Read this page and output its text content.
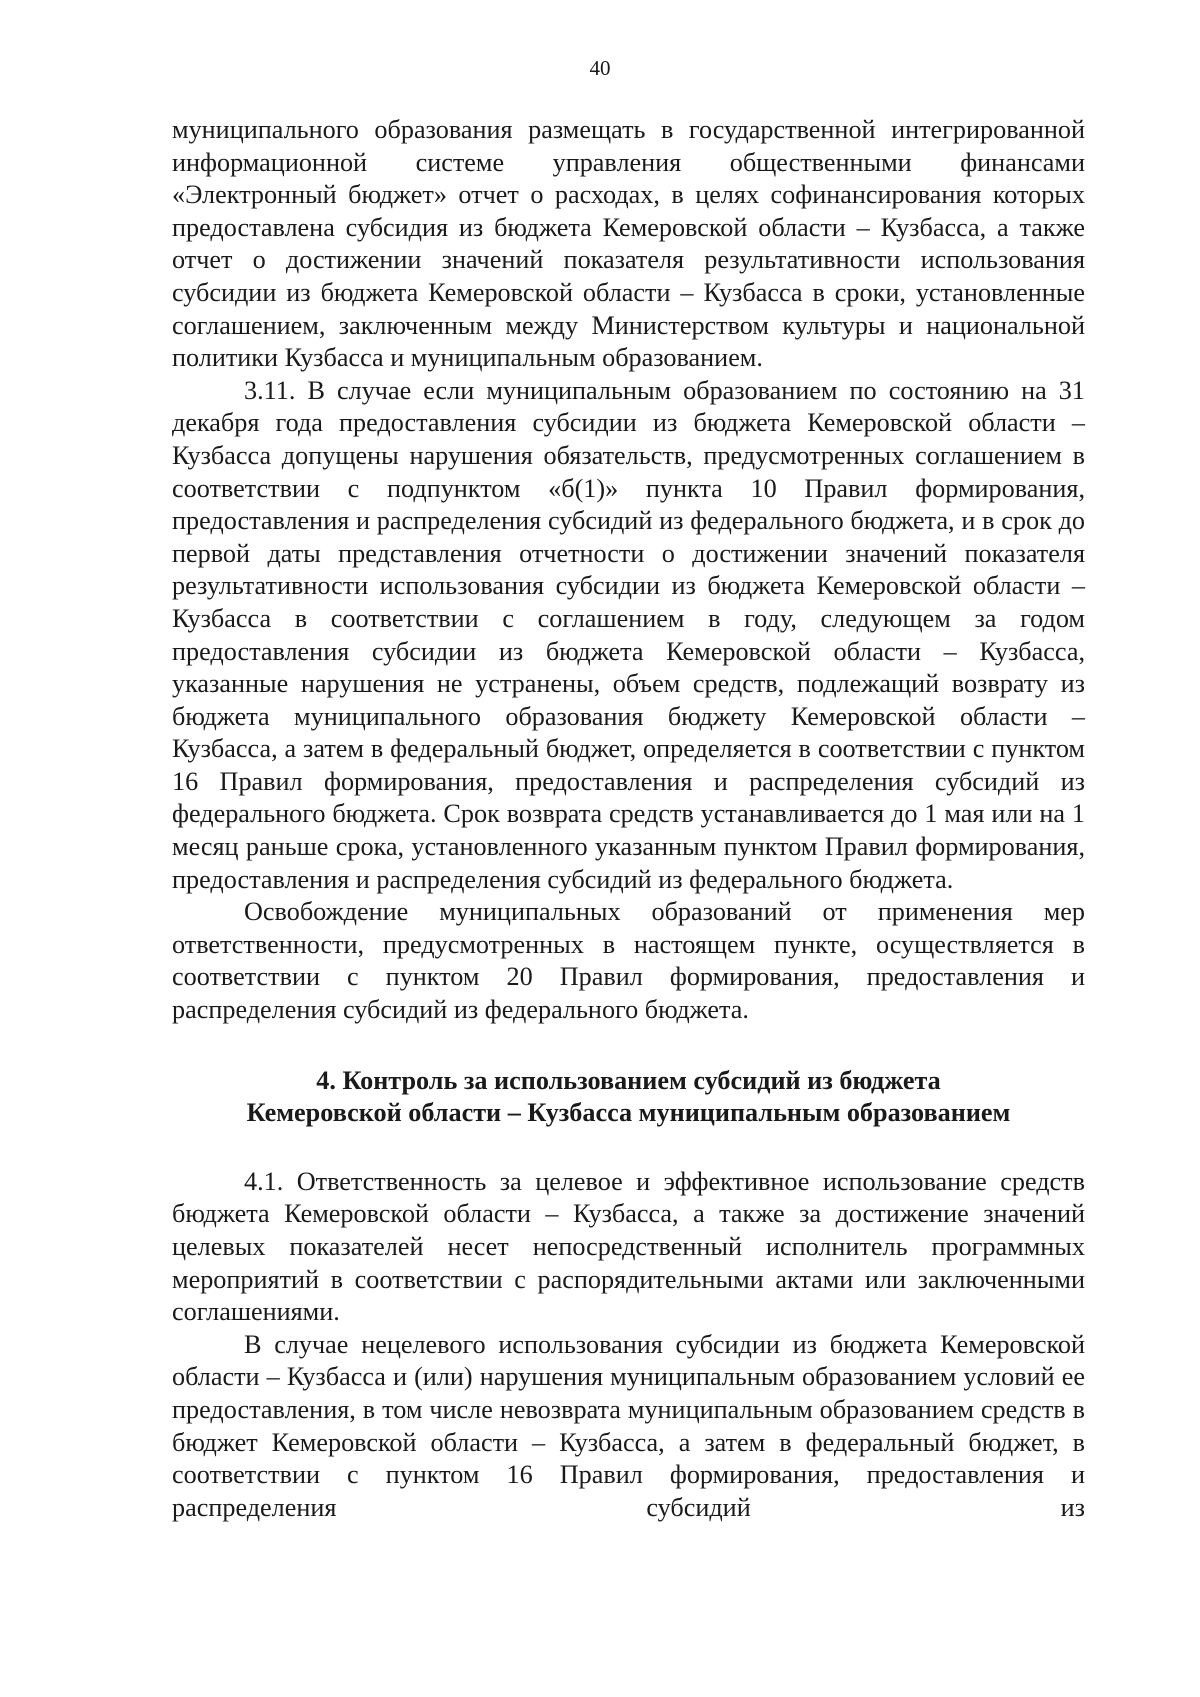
40

муниципального образования размещать в государственной интегрированной информационной системе управления общественными финансами «Электронный бюджет» отчет о расходах, в целях софинансирования которых предоставлена субсидия из бюджета Кемеровской области – Кузбасса, а также отчет о достижении значений показателя результативности использования субсидии из бюджета Кемеровской области – Кузбасса в сроки, установленные соглашением, заключенным между Министерством культуры и национальной политики Кузбасса и муниципальным образованием.

3.11. В случае если муниципальным образованием по состоянию на 31 декабря года предоставления субсидии из бюджета Кемеровской области – Кузбасса допущены нарушения обязательств, предусмотренных соглашением в соответствии с подпунктом «б(1)» пункта 10 Правил формирования, предоставления и распределения субсидий из федерального бюджета, и в срок до первой даты представления отчетности о достижении значений показателя результативности использования субсидии из бюджета Кемеровской области – Кузбасса в соответствии с соглашением в году, следующем за годом предоставления субсидии из бюджета Кемеровской области – Кузбасса, указанные нарушения не устранены, объем средств, подлежащий возврату из бюджета муниципального образования бюджету Кемеровской области – Кузбасса, а затем в федеральный бюджет, определяется в соответствии с пунктом 16 Правил формирования, предоставления и распределения субсидий из федерального бюджета. Срок возврата средств устанавливается до 1 мая или на 1 месяц раньше срока, установленного указанным пунктом Правил формирования, предоставления и распределения субсидий из федерального бюджета.

Освобождение муниципальных образований от применения мер ответственности, предусмотренных в настоящем пункте, осуществляется в соответствии с пунктом 20 Правил формирования, предоставления и распределения субсидий из федерального бюджета.

4. Контроль за использованием субсидий из бюджета
Кемеровской области – Кузбасса муниципальным образованием

4.1. Ответственность за целевое и эффективное использование средств бюджета Кемеровской области – Кузбасса, а также за достижение значений целевых показателей несет непосредственный исполнитель программных мероприятий в соответствии с распорядительными актами или заключенными соглашениями.

В случае нецелевого использования субсидии из бюджета Кемеровской области – Кузбасса и (или) нарушения муниципальным образованием условий ее предоставления, в том числе невозврата муниципальным образованием средств в бюджет Кемеровской области – Кузбасса, а затем в федеральный бюджет, в соответствии с пунктом 16 Правил формирования, предоставления и распределения субсидий из
